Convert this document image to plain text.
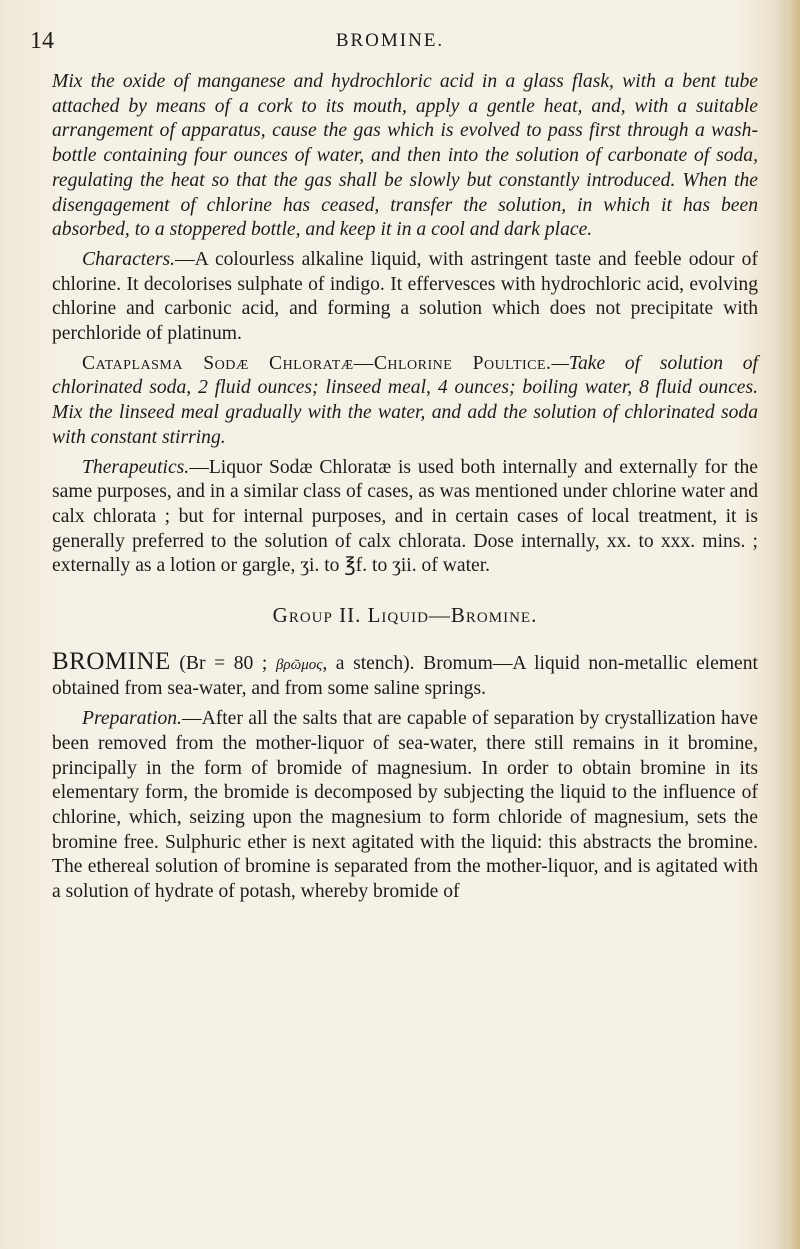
14	BROMINE.

Mix the oxide of manganese and hydrochloric acid in a glass flask, with a bent tube attached by means of a cork to its mouth, apply a gentle heat, and, with a suitable arrangement of apparatus, cause the gas which is evolved to pass first through a wash-bottle containing four ounces of water, and then into the solution of carbonate of soda, regulating the heat so that the gas shall be slowly but constantly introduced. When the disengagement of chlorine has ceased, transfer the solution, in which it has been absorbed, to a stoppered bottle, and keep it in a cool and dark place.

Characters.—A colourless alkaline liquid, with astringent taste and feeble odour of chlorine. It decolorises sulphate of indigo. It effervesces with hydrochloric acid, evolving chlorine and carbonic acid, and forming a solution which does not precipitate with perchloride of platinum.

Cataplasma Sodæ Chloratæ—Chlorine Poultice.—Take of solution of chlorinated soda, 2 fluid ounces; linseed meal, 4 ounces; boiling water, 8 fluid ounces. Mix the linseed meal gradually with the water, and add the solution of chlorinated soda with constant stirring.

Therapeutics.—Liquor Sodæ Chloratæ is used both internally and externally for the same purposes, and in a similar class of cases, as was mentioned under chlorine water and calx chlorata ; but for internal purposes, and in certain cases of local treatment, it is generally preferred to the solution of calx chlorata. Dose internally, xx. to xxx. mins. ; externally as a lotion or gargle, ʒi. to ℥f. to ʒii. of water.

Group II. Liquid—Bromine.

BROMINE (Br = 80 ; βρῶμος, a stench). Bromum—A liquid non-metallic element obtained from sea-water, and from some saline springs.

Preparation.—After all the salts that are capable of separation by crystallization have been removed from the mother-liquor of sea-water, there still remains in it bromine, principally in the form of bromide of magnesium. In order to obtain bromine in its elementary form, the bromide is decomposed by subjecting the liquid to the influence of chlorine, which, seizing upon the magnesium to form chloride of magnesium, sets the bromine free. Sulphuric ether is next agitated with the liquid: this abstracts the bromine. The ethereal solution of bromine is separated from the mother-liquor, and is agitated with a solution of hydrate of potash, whereby bromide of
